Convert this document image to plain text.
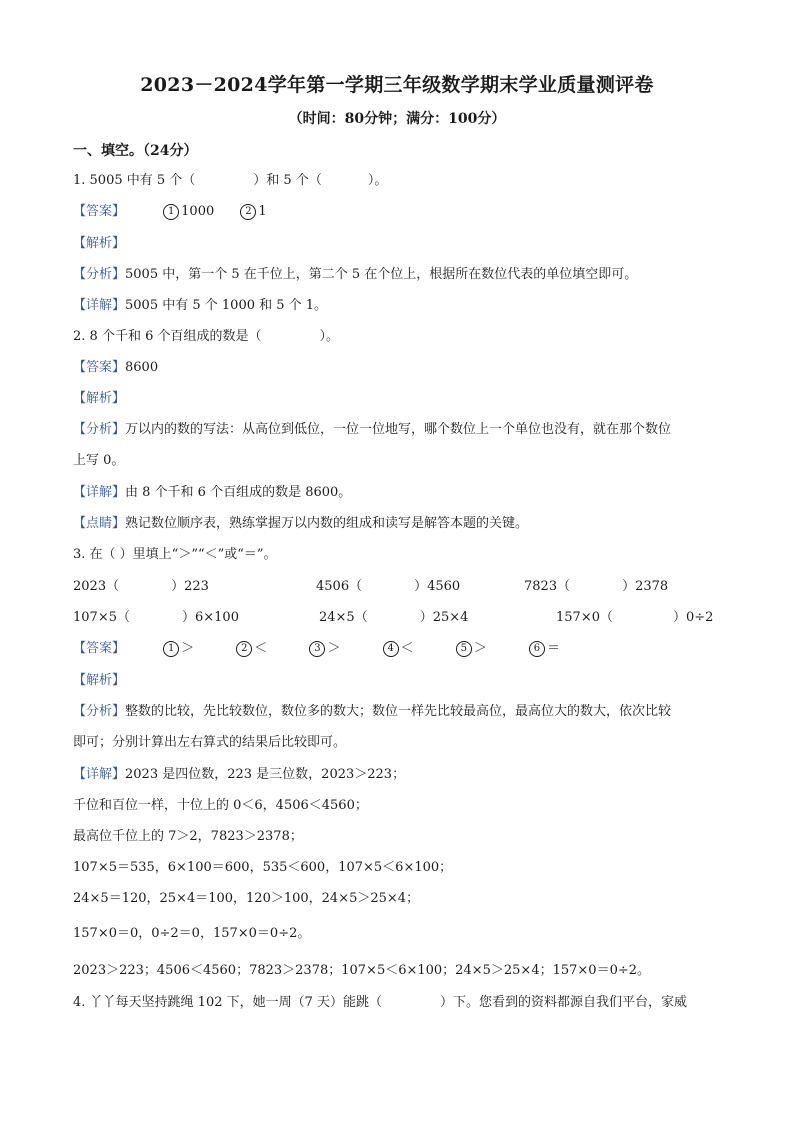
2023－2024学年第一学期三年级数学期末学业质量测评卷
（时间：80分钟；满分：100分）
一、填空。（24分）
1. 5005 中有 5 个（	）和 5 个（	）。
【答案】	1 1000	2 1
【解析】
【分析】5005 中，第一个 5 在千位上，第二个 5 在个位上，根据所在数位代表的单位填空即可。
【详解】5005 中有 5 个 1000 和 5 个 1。
2. 8 个千和 6 个百组成的数是（	）。
【答案】8600
【解析】
【分析】万以内的数的写法：从高位到低位，一位一位地写，哪个数位上一个单位也没有，就在那个数位
上写 0。
【详解】由 8 个千和 6 个百组成的数是 8600。
【点睛】熟记数位顺序表，熟练掌握万以内数的组成和读写是解答本题的关键。
3. 在（ ）里填上“＞”“＜”或“＝”。
2023（	）223	4506（	）4560	7823（	）2378
107×5（	）6×100	24×5（	）25×4	157×0（	）0÷2
【答案】	1 ＞	2 ＜	3 ＞	4 ＜	5 ＞	6 ＝
【解析】
【分析】整数的比较，先比较数位，数位多的数大；数位一样先比较最高位，最高位大的数大，依次比较
即可；分别计算出左右算式的结果后比较即可。
【详解】2023 是四位数，223 是三位数，2023＞223；
千位和百位一样，十位上的 0＜6，4506＜4560；
最高位千位上的 7＞2，7823＞2378；
107×5＝535，6×100＝600，535＜600，107×5＜6×100；
24×5＝120，25×4＝100，120＞100，24×5＞25×4；
157×0＝0，0÷2＝0，157×0＝0÷2。
2023＞223；4506＜4560；7823＞2378；107×5＜6×100；24×5＞25×4；157×0＝0÷2。
4. 丫丫每天坚持跳绳 102 下，她一周（7 天）能跳（	）下。您看到的资料都源自我们平台，家威
